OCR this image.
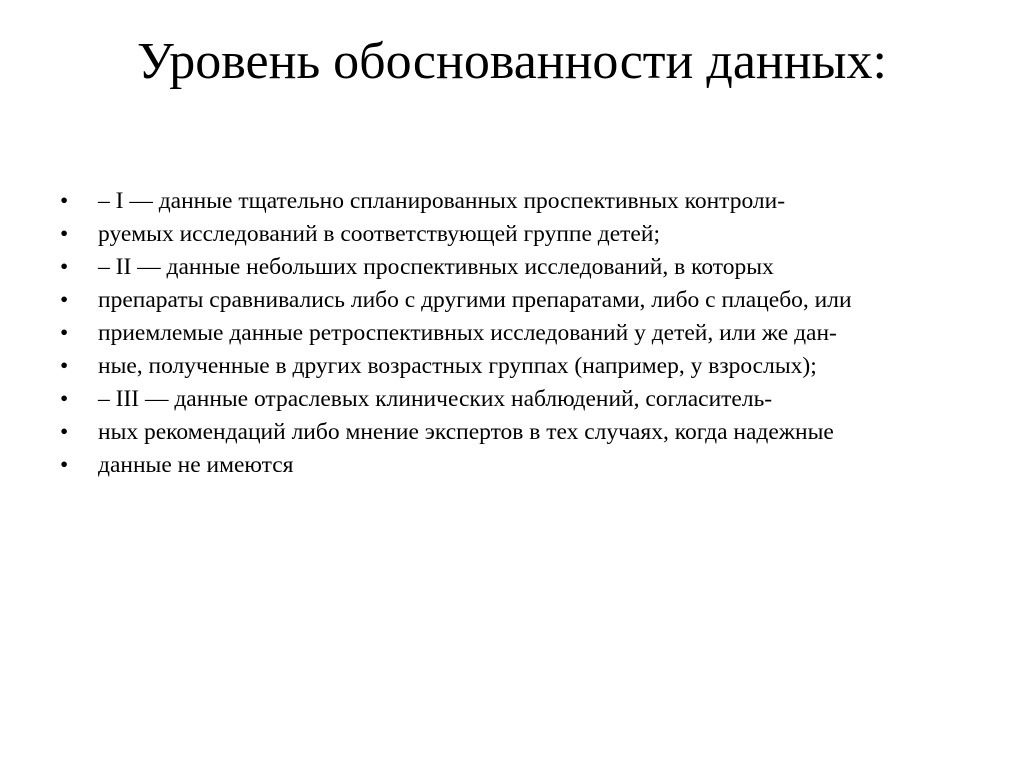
Уровень обоснованности данных:
•	– I — данные тщательно спланированных проспективных контроли-
•	руемых исследований в соответствующей группе детей;
•	– II — данные небольших проспективных исследований, в которых
•	препараты сравнивались либо с другими препаратами, либо с плацебо, или
•	приемлемые данные ретроспективных исследований у детей, или же дан-
•	ные, полученные в других возрастных группах (например, у взрослых);
•	– III — данные отраслевых клинических наблюдений, согласитель-
•	ных рекомендаций либо мнение экспертов в тех случаях, когда надежные
•	данные не имеются
